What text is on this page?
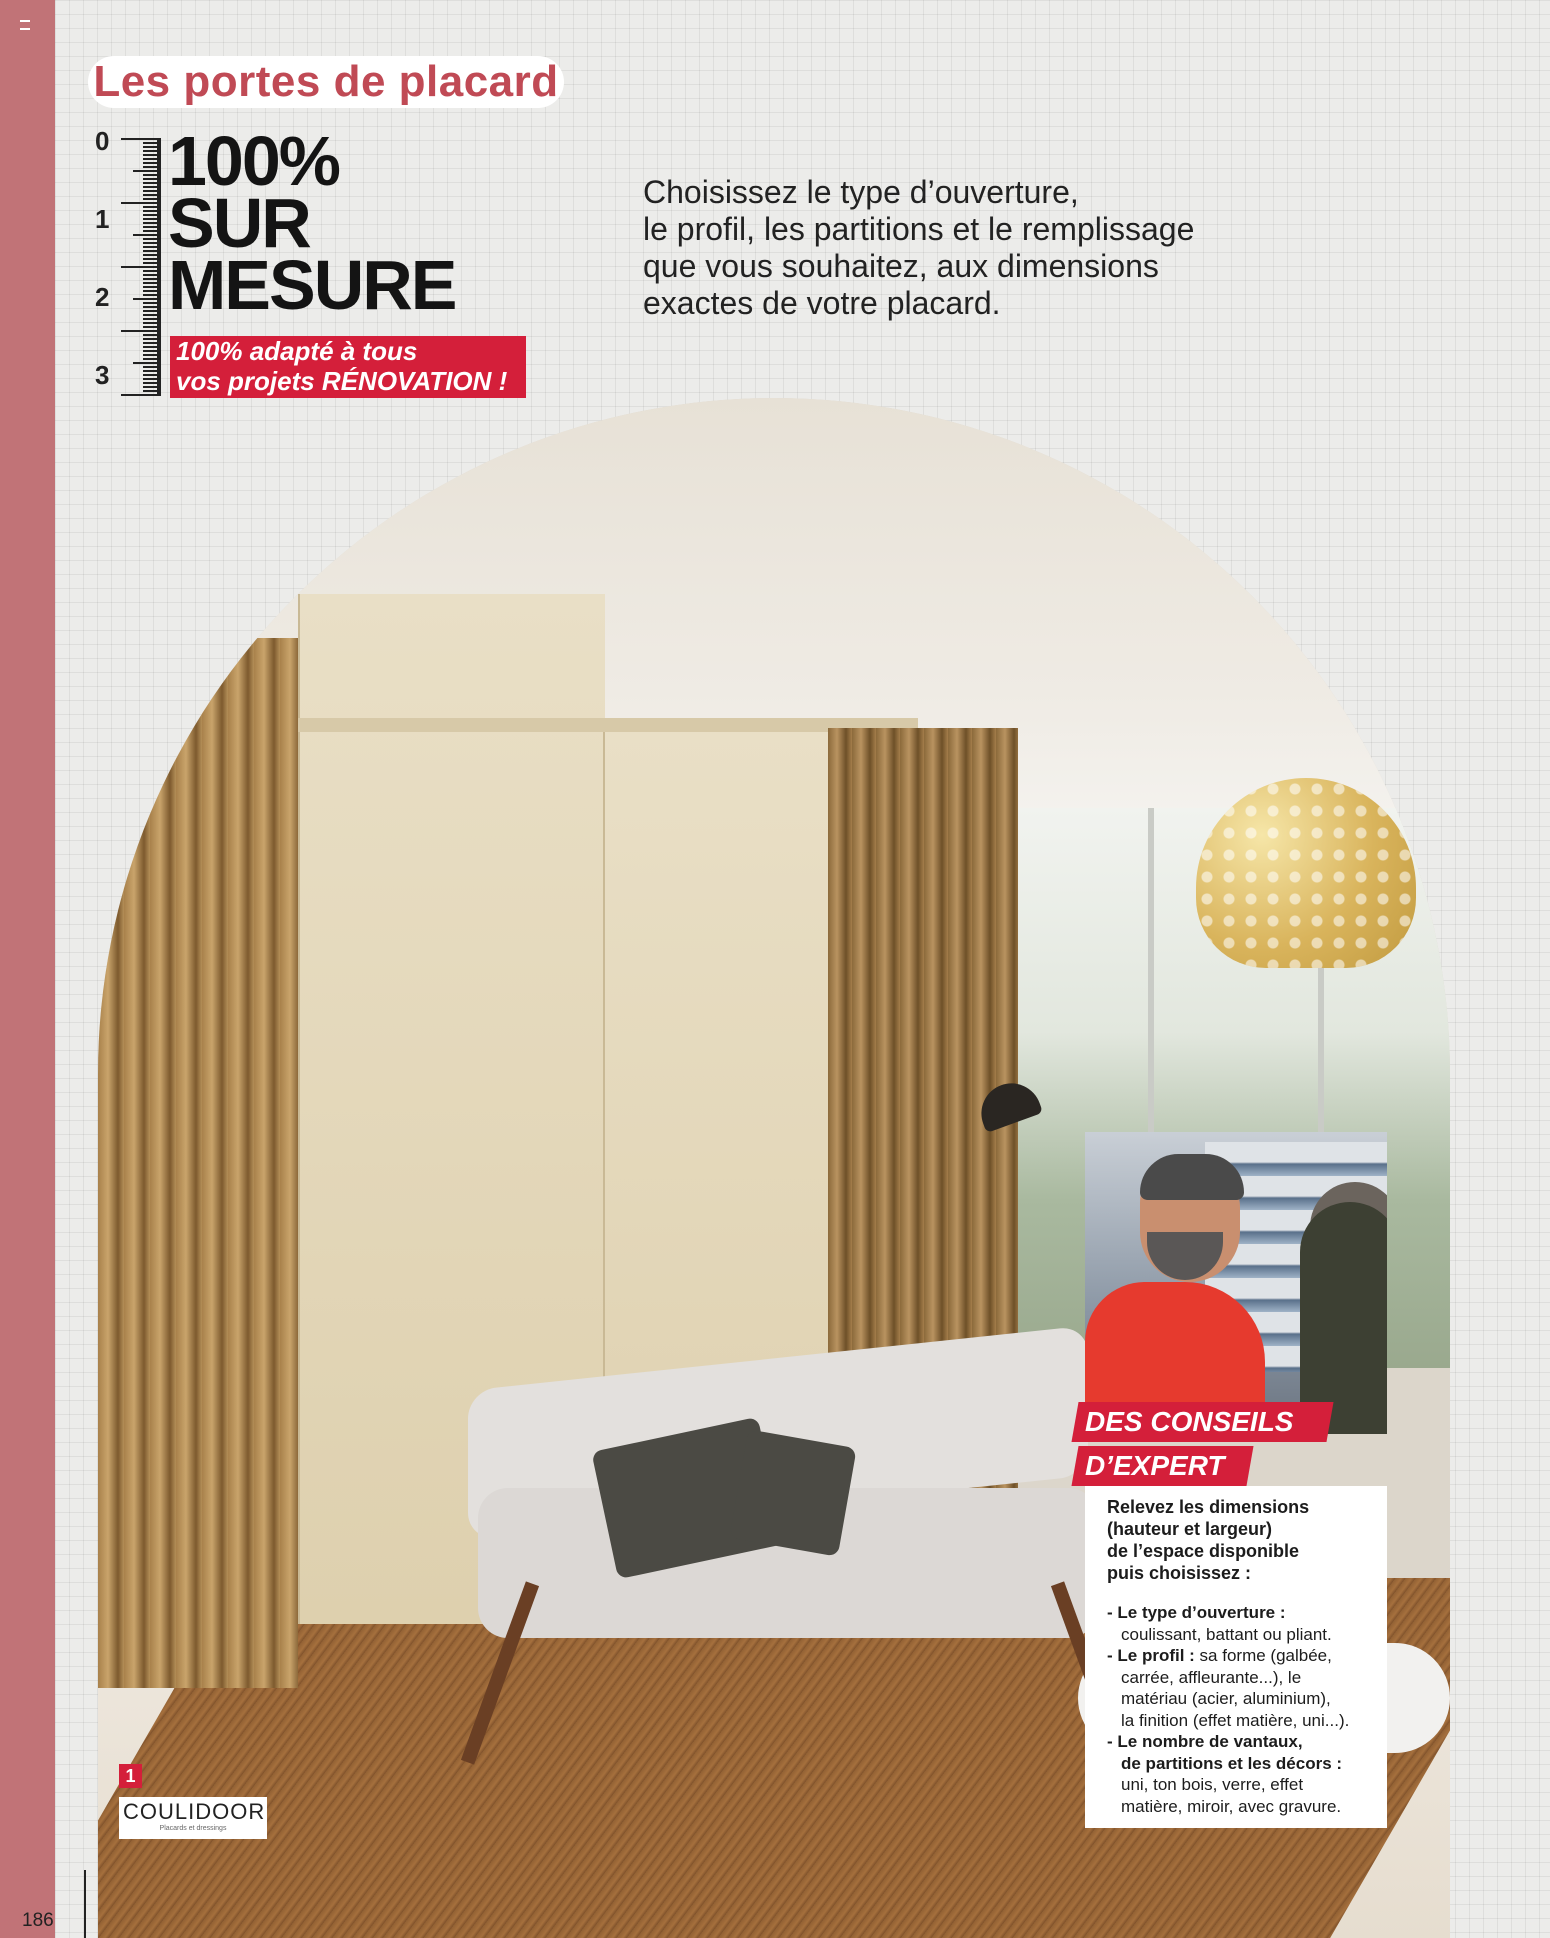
Les portes de placard
0
1
2
3
100%
SUR
MESURE
100% adapté à tous
vos projets RÉNOVATION !
Choisissez le type d’ouverture,
le profil, les partitions et le remplissage
que vous souhaitez, aux dimensions
exactes de votre placard.
DES CONSEILS
D’EXPERT
Relevez les dimensions
(hauteur et largeur)
de l’espace disponible
puis choisissez :
- Le type d’ouverture :
coulissant, battant ou pliant.
- Le profil : sa forme (galbée,
carrée, affleurante...), le
matériau (acier, aluminium),
la finition (effet matière, uni...).
- Le nombre de vantaux,
de partitions et les décors :
uni, ton bois, verre, effet
matière, miroir, avec gravure.
1
COULIDOOR
Placards et dressings
186
